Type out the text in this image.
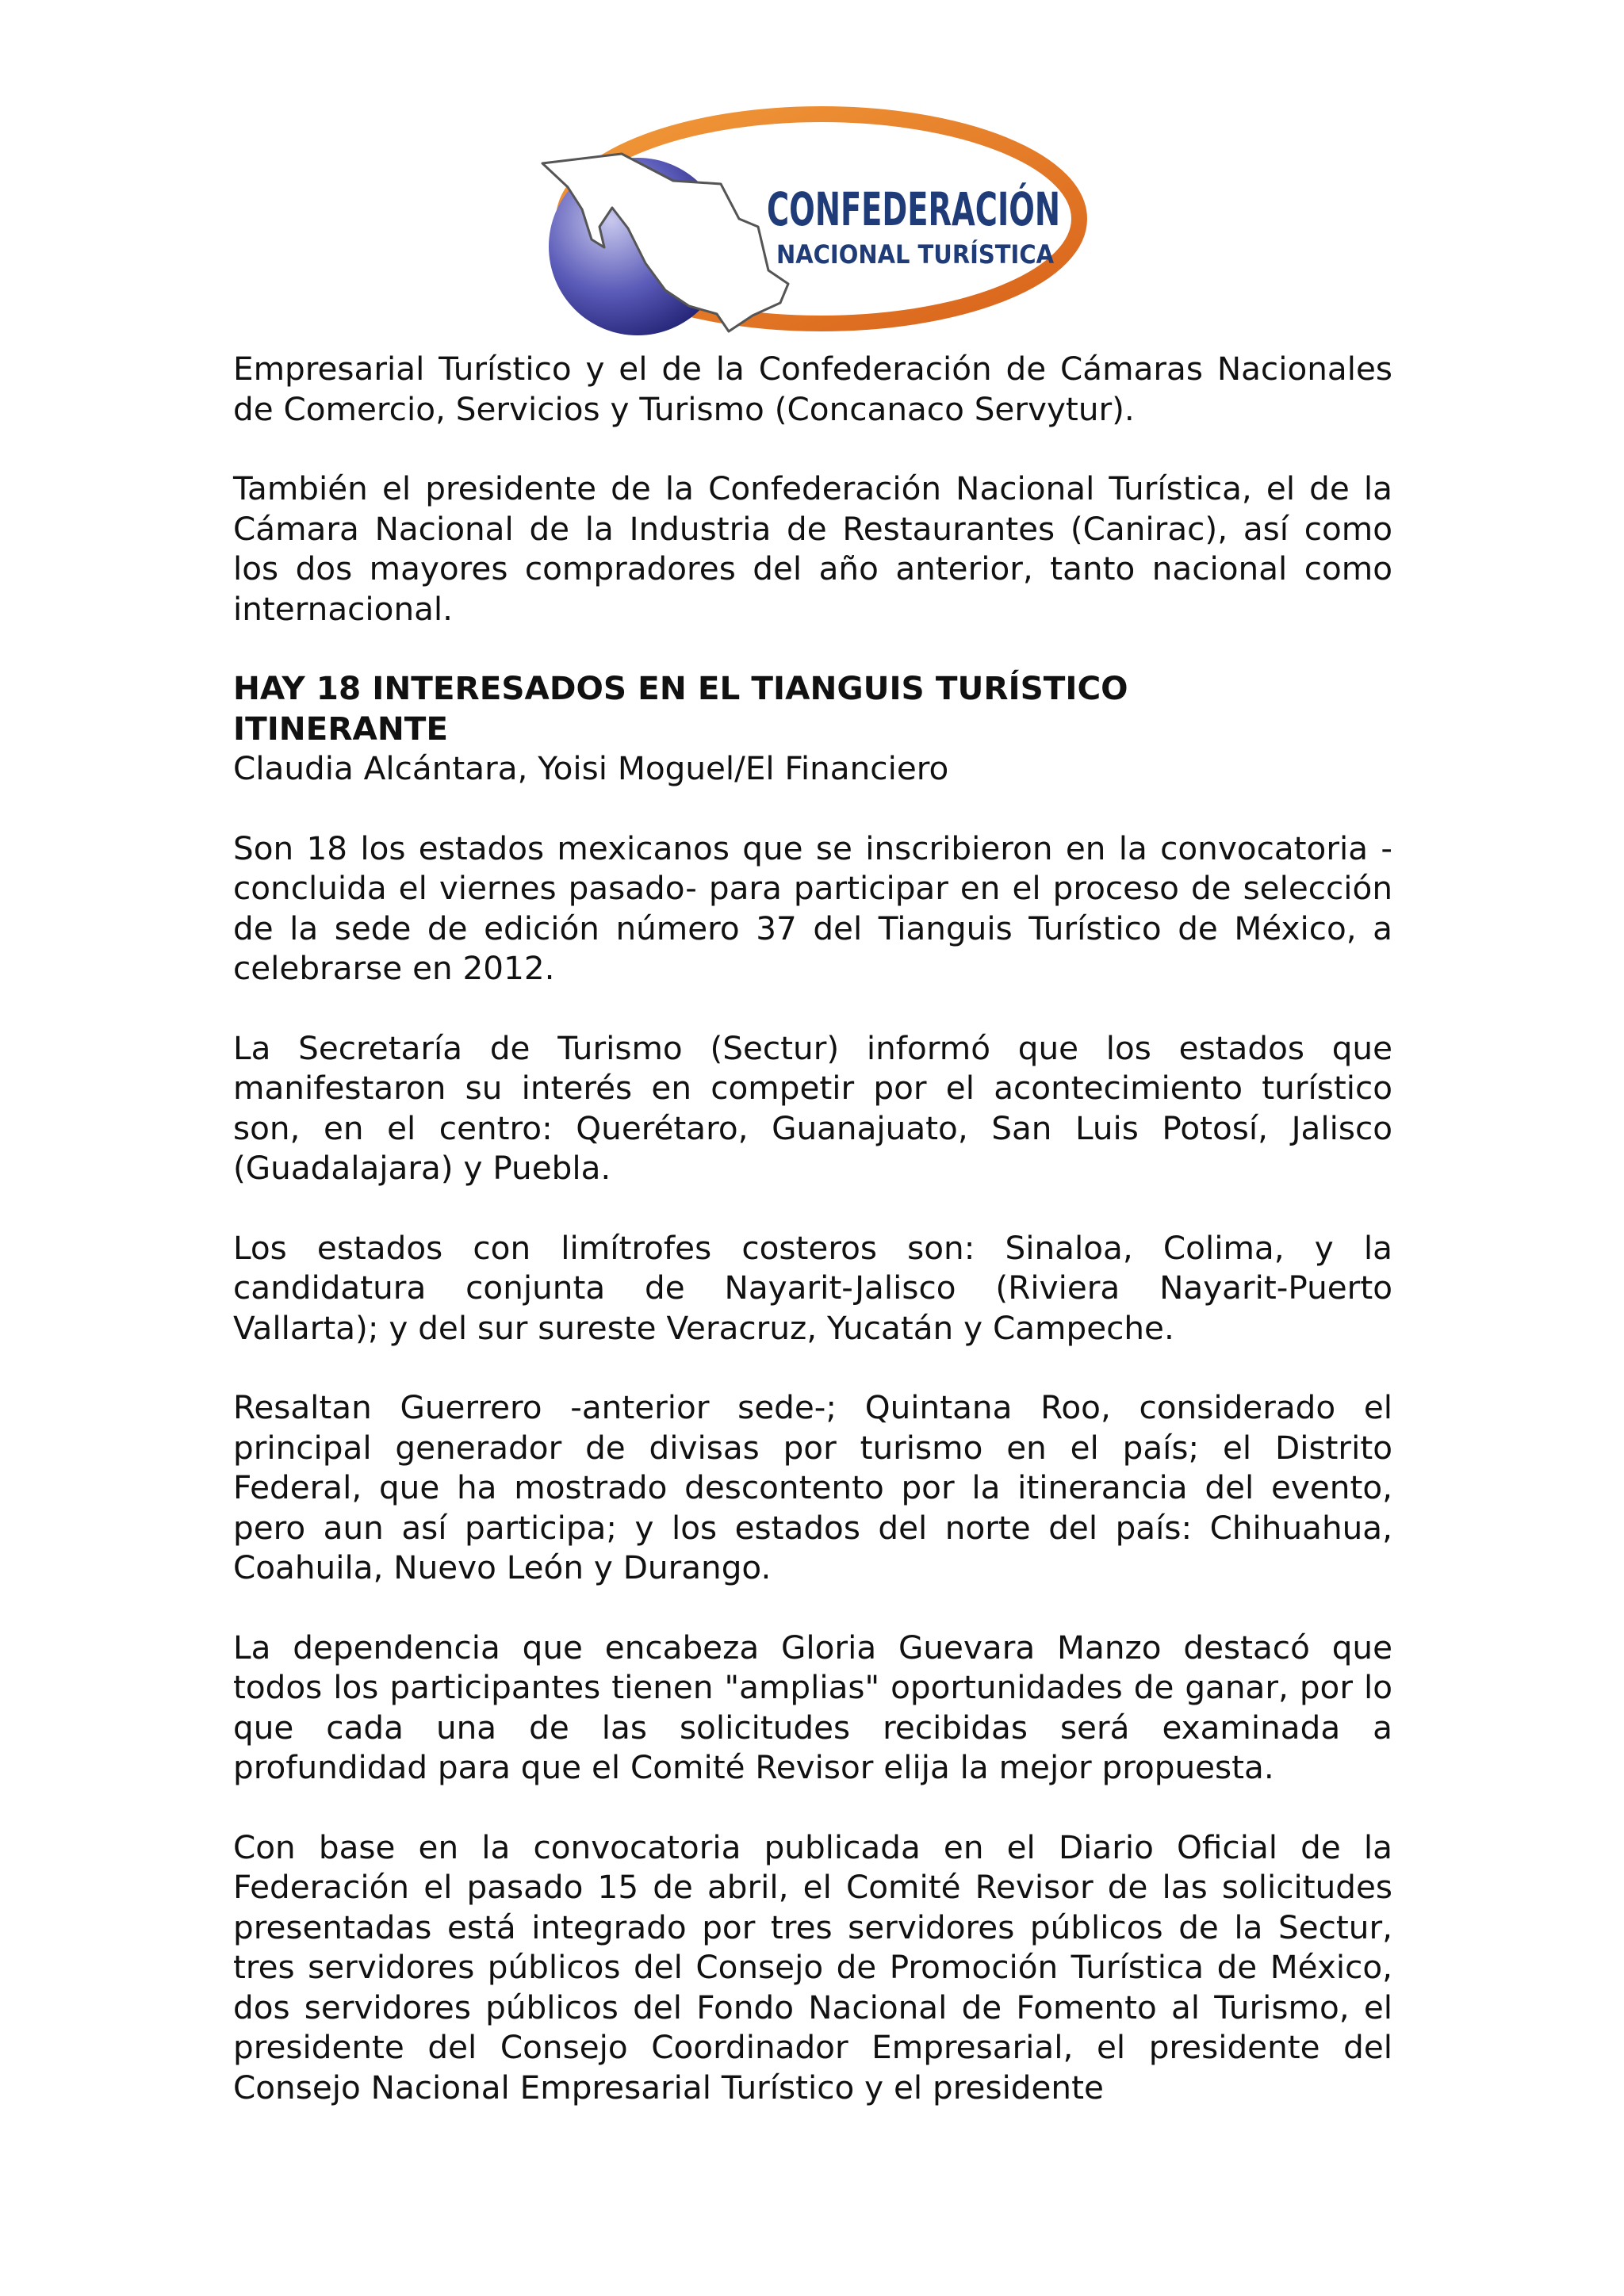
CONFEDERACIÓN
NACIONAL TURÍSTICA

Empresarial Turístico y el de la Confederación de Cámaras Nacionales de Comercio, Servicios y Turismo (Concanaco Servytur).

También el presidente de la Confederación Nacional Turística, el de la Cámara Nacional de la Industria de Restaurantes (Canirac), así como los dos mayores compradores del año anterior, tanto nacional como internacional.

HAY 18 INTERESADOS EN EL TIANGUIS TURÍSTICO ITINERANTE
Claudia Alcántara, Yoisi Moguel/El Financiero

Son 18 los estados mexicanos que se inscribieron en la convocatoria -concluida el viernes pasado- para participar en el proceso de selección de la sede de edición número 37 del Tianguis Turístico de México, a celebrarse en 2012.

La Secretaría de Turismo (Sectur) informó que los estados que manifestaron su interés en competir por el acontecimiento turístico son, en el centro: Querétaro, Guanajuato, San Luis Potosí, Jalisco (Guadalajara) y Puebla.

Los estados con limítrofes costeros son: Sinaloa, Colima, y la candidatura conjunta de Nayarit-Jalisco (Riviera Nayarit-Puerto Vallarta); y del sur sureste Veracruz, Yucatán y Campeche.

Resaltan Guerrero -anterior sede-; Quintana Roo, considerado el principal generador de divisas por turismo en el país; el Distrito Federal, que ha mostrado descontento por la itinerancia del evento, pero aun así participa; y los estados del norte del país: Chihuahua, Coahuila, Nuevo León y Durango.

La dependencia que encabeza Gloria Guevara Manzo destacó que todos los participantes tienen "amplias" oportunidades de ganar, por lo que cada una de las solicitudes recibidas será examinada a profundidad para que el Comité Revisor elija la mejor propuesta.

Con base en la convocatoria publicada en el Diario Oficial de la Federación el pasado 15 de abril, el Comité Revisor de las solicitudes presentadas está integrado por tres servidores públicos de la Sectur, tres servidores públicos del Consejo de Promoción Turística de México, dos servidores públicos del Fondo Nacional de Fomento al Turismo, el presidente del Consejo Coordinador Empresarial, el presidente del Consejo Nacional Empresarial Turístico y el presidente
